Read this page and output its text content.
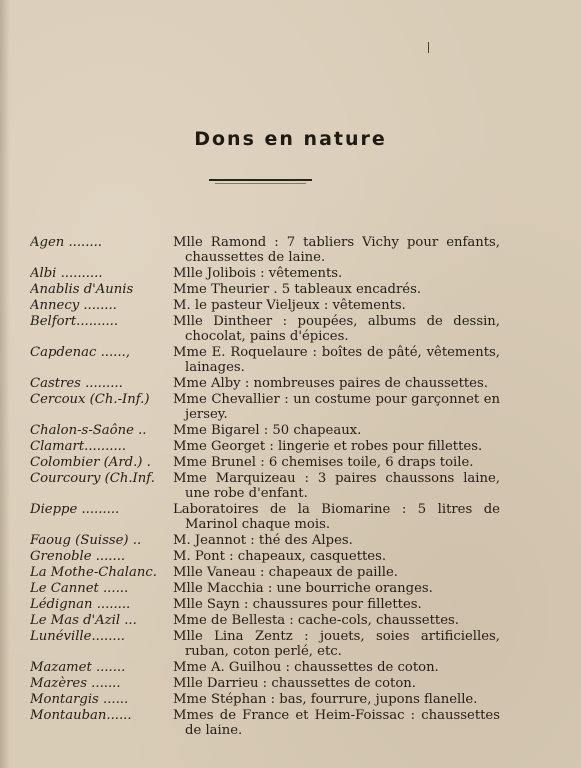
Dons en nature
Agen ........	Mlle Ramond : 7 tabliers Vichy pour enfants, chaussettes de laine.
Albi ..........	Mlle Jolibois : vêtements.
Anablis d'Aunis	Mme Theurier . 5 tableaux encadrés.
Annecy ........	M. le pasteur Vieljeux : vêtements.
Belfort..........	Mlle Dintheer : poupées, albums de dessin, chocolat, pains d'épices.
Capdenac ......,	Mme E. Roquelaure : boîtes de pâté, vêtements, lainages.
Castres .........	Mme Alby : nombreuses paires de chaussettes.
Cercoux (Ch.-Inf.)	Mme Chevallier : un costume pour garçonnet en jersey.
Chalon-s-Saône ..	Mme Bigarel : 50 chapeaux.
Clamart..........	Mme Georget : lingerie et robes pour fillettes.
Colombier (Ard.) .	Mme Brunel : 6 chemises toile, 6 draps toile.
Courcoury (Ch.Inf.	Mme Marquizeau : 3 paires chaussons laine, une robe d'enfant.
Dieppe .........	Laboratoires de la Biomarine : 5 litres de Marinol chaque mois.
Faoug (Suisse) ..	M. Jeannot : thé des Alpes.
Grenoble .......	M. Pont : chapeaux, casquettes.
La Mothe-Chalanc.	Mlle Vaneau : chapeaux de paille.
Le Cannet ......	Mlle Macchia : une bourriche oranges.
Lédignan ........	Mlle Sayn : chaussures pour fillettes.
Le Mas d'Azil ...	Mme de Bellesta : cache-cols, chaussettes.
Lunéville........	Mlle Lina Zentz : jouets, soies artificielles, ruban, coton perlé, etc.
Mazamet .......	Mme A. Guilhou : chaussettes de coton.
Mazères .......	Mlle Darrieu : chaussettes de coton.
Montargis ......	Mme Stéphan : bas, fourrure, jupons flanelle.
Montauban......	Mmes de France et Heim-Foissac : chaussettes de laine.
